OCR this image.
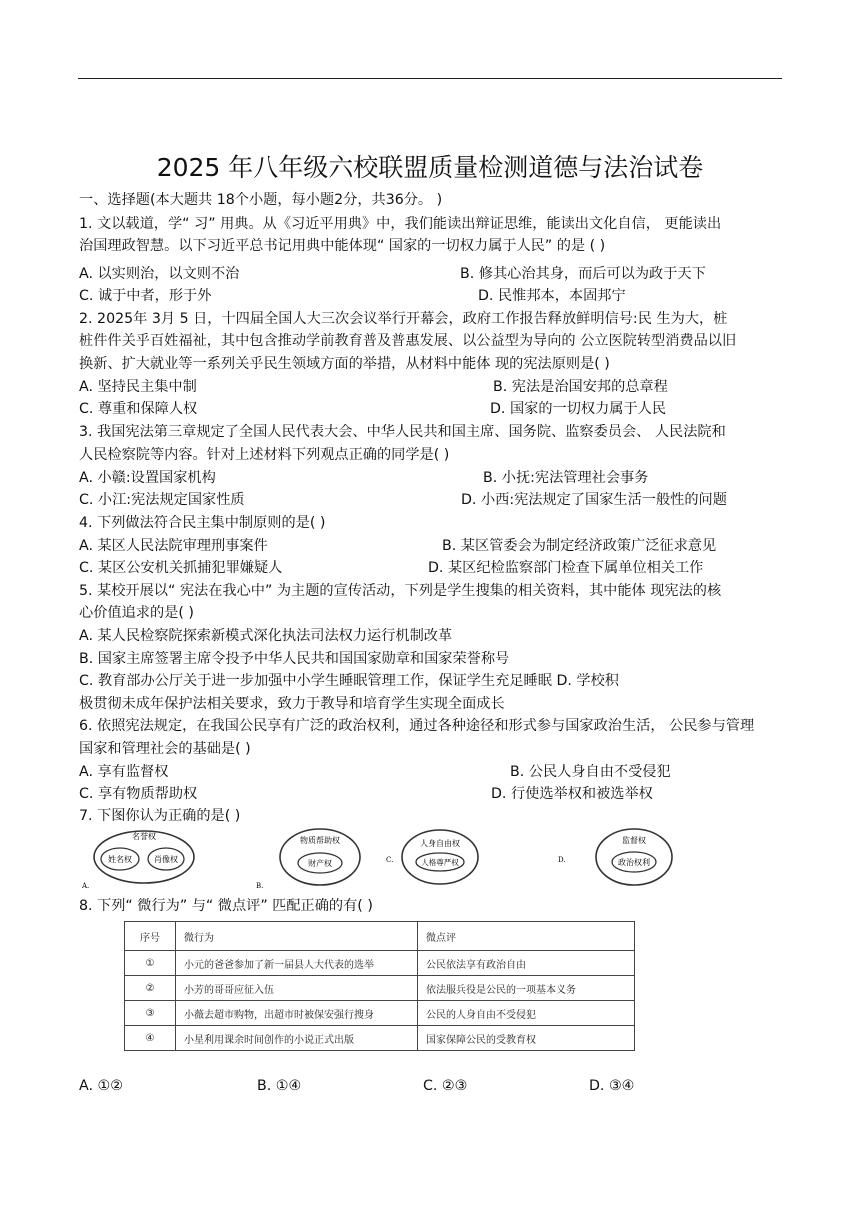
2025 年八年级六校联盟质量检测道德与法治试卷
一、选择题(本大题共 18个小题，每小题2分，共36分。 )
1. 文以载道，学“ 习” 用典。从《习近平用典》中，我们能读出辩证思维，能读出文化自信， 更能读出
治国理政智慧。以下习近平总书记用典中能体现“ 国家的一切权力属于人民” 的是 ( )
A. 以实则治，以文则不治	B. 修其心治其身，而后可以为政于天下
C. 诚于中者，形于外	D. 民惟邦本，本固邦宁
2. 2025年 3月 5 日，十四届全国人大三次会议举行开幕会，政府工作报告释放鲜明信号:民 生为大，桩
桩件件关乎百姓福祉，其中包含推动学前教育普及普惠发展、以公益型为导向的 公立医院转型消费品以旧
换新、扩大就业等一系列关乎民生领域方面的举措，从材料中能体 现的宪法原则是( )
A. 坚持民主集中制	B. 宪法是治国安邦的总章程
C. 尊重和保障人权	D. 国家的一切权力属于人民
3. 我国宪法第三章规定了全国人民代表大会、中华人民共和国主席、国务院、监察委员会、 人民法院和
人民检察院等内容。针对上述材料下列观点正确的同学是( )
A. 小赣:设置国家机构	B. 小抚:宪法管理社会事务
C. 小江:宪法规定国家性质	D. 小西:宪法规定了国家生活一般性的问题
4. 下列做法符合民主集中制原则的是( )
A. 某区人民法院审理刑事案件	B. 某区管委会为制定经济政策广泛征求意见
C. 某区公安机关抓捕犯罪嫌疑人	D. 某区纪检监察部门检查下属单位相关工作
5. 某校开展以“ 宪法在我心中” 为主题的宣传活动，下列是学生搜集的相关资料，其中能体 现宪法的核
心价值追求的是( )
A. 某人民检察院探索新模式深化执法司法权力运行机制改革
B. 国家主席签署主席令投予中华人民共和国国家勋章和国家荣誉称号
C. 教育部办公厅关于进一步加强中小学生睡眠管理工作，保证学生充足睡眠 D. 学校积
极贯彻未成年保护法相关要求，致力于教导和培育学生实现全面成长
6. 依照宪法规定，在我国公民享有广泛的政治权利，通过各种途径和形式参与国家政治生活， 公民参与管理
国家和管理社会的基础是( )
A. 享有监督权	B. 公民人身自由不受侵犯
C. 享有物质帮助权	D. 行使选举权和被选举权
7. 下图你认为正确的是( )
名誉权
姓名权	肖像权
A.
物质帮助权
财产权
B.
C.
人身自由权
人格尊严权	D.
监督权
政治权利
8. 下列“ 微行为” 与“ 微点评” 匹配正确的有( )
序号	微行为	微点评
①	小元的爸爸参加了新一届县人大代表的选举	公民依法享有政治自由
②	小芳的哥哥应征入伍	依法服兵役是公民的一项基本义务
③	小薇去超市购物，出超市时被保安强行搜身	公民的人身自由不受侵犯
④	小星利用课余时间创作的小说正式出版	国家保障公民的受教育权
A. ①②	B. ①④	C. ②③	D. ③④
